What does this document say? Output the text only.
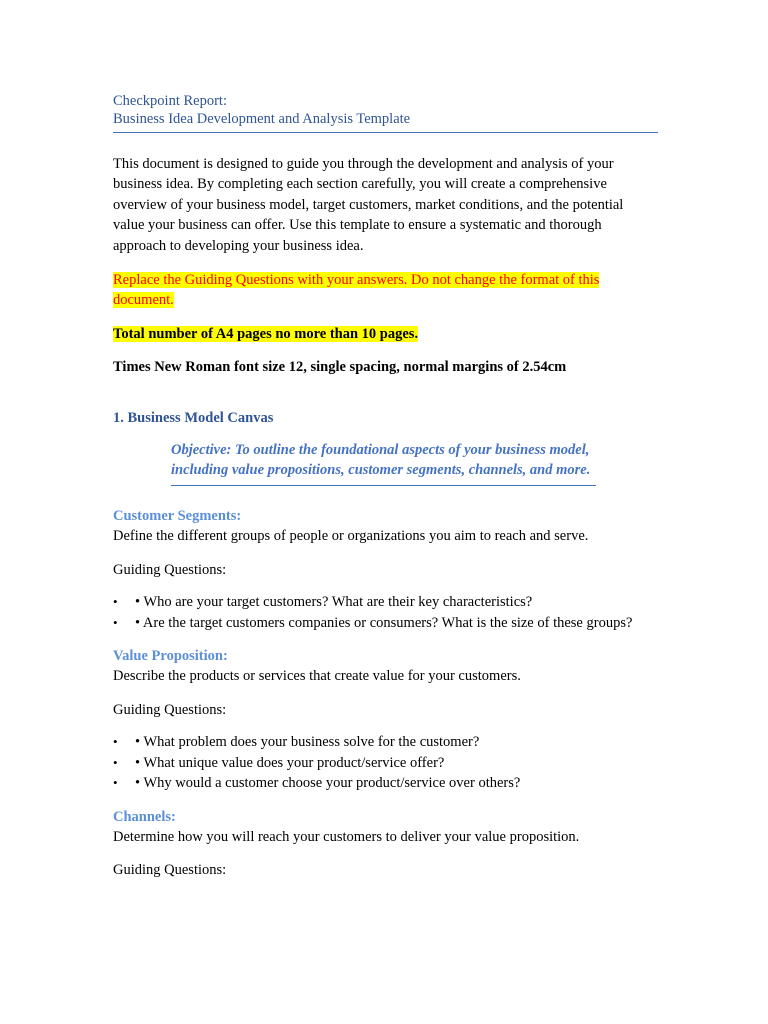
Checkpoint Report:
Business Idea Development and Analysis Template
This document is designed to guide you through the development and analysis of your business idea. By completing each section carefully, you will create a comprehensive overview of your business model, target customers, market conditions, and the potential value your business can offer. Use this template to ensure a systematic and thorough approach to developing your business idea.
Replace the Guiding Questions with your answers. Do not change the format of this document.
Total number of A4 pages no more than 10 pages.
Times New Roman font size 12, single spacing, normal margins of 2.54cm
1. Business Model Canvas
Objective: To outline the foundational aspects of your business model, including value propositions, customer segments, channels, and more.
Customer Segments:
Define the different groups of people or organizations you aim to reach and serve.
Guiding Questions:
• • Who are your target customers? What are their key characteristics?
• • Are the target customers companies or consumers? What is the size of these groups?
Value Proposition:
Describe the products or services that create value for your customers.
Guiding Questions:
• • What problem does your business solve for the customer?
• • What unique value does your product/service offer?
• • Why would a customer choose your product/service over others?
Channels:
Determine how you will reach your customers to deliver your value proposition.
Guiding Questions:
